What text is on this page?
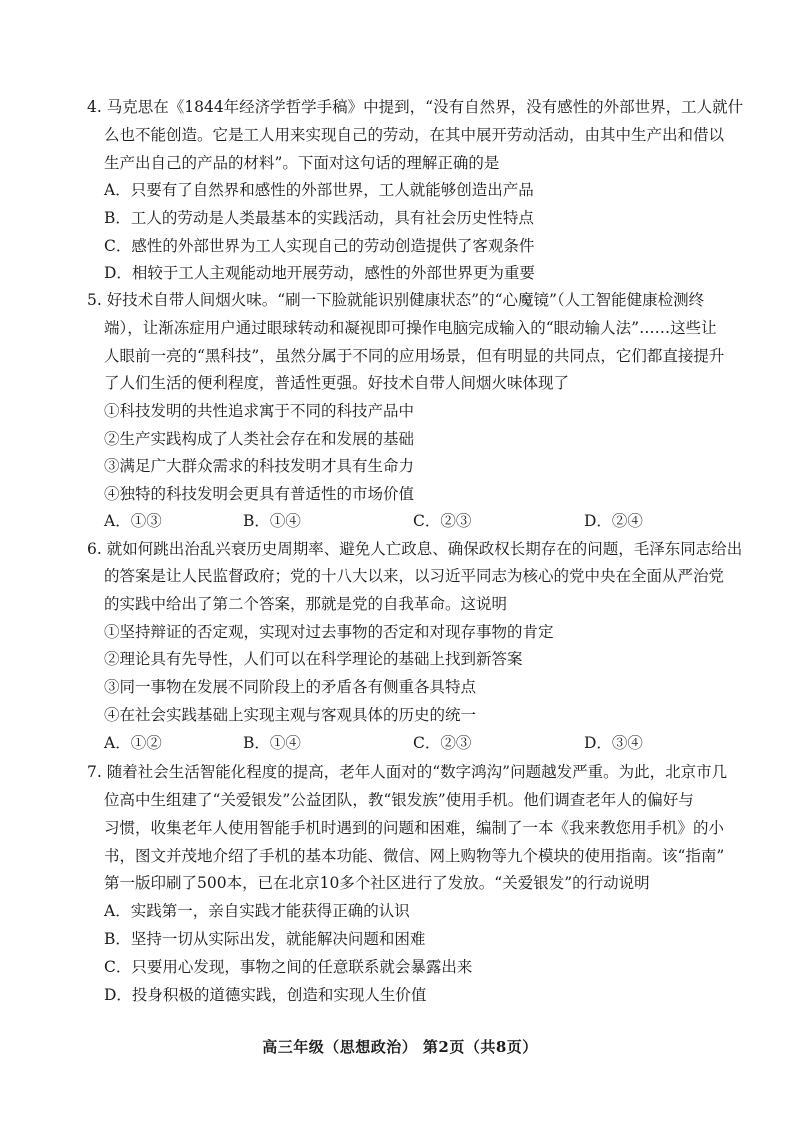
4. 马克思在《1844年经济学哲学手稿》中提到，“没有自然界，没有感性的外部世界，工人就什
么也不能创造。它是工人用来实现自己的劳动，在其中展开劳动活动，由其中生产出和借以
生产出自己的产品的材料”。下面对这句话的理解正确的是
A．只要有了自然界和感性的外部世界，工人就能够创造出产品
B．工人的劳动是人类最基本的实践活动，具有社会历史性特点
C．感性的外部世界为工人实现自己的劳动创造提供了客观条件
D．相较于工人主观能动地开展劳动，感性的外部世界更为重要
5. 好技术自带人间烟火味。“刷一下脸就能识别健康状态”的“心魔镜”（人工智能健康检测终
端），让渐冻症用户通过眼球转动和凝视即可操作电脑完成输入的“眼动输人法”……这些让
人眼前一亮的“黑科技”，虽然分属于不同的应用场景，但有明显的共同点，它们都直接提升
了人们生活的便利程度，普适性更强。好技术自带人间烟火味体现了
①科技发明的共性追求寓于不同的科技产品中
②生产实践构成了人类社会存在和发展的基础
③满足广大群众需求的科技发明才具有生命力
④独特的科技发明会更具有普适性的市场价值
A．①③	B．①④	C．②③	D．②④
6. 就如何跳出治乱兴衰历史周期率、避免人亡政息、确保政权长期存在的问题，毛泽东同志给出
的答案是让人民监督政府；党的十八大以来，以习近平同志为核心的党中央在全面从严治党
的实践中给出了第二个答案，那就是党的自我革命。这说明
①坚持辩证的否定观，实现对过去事物的否定和对现存事物的肯定
②理论具有先导性，人们可以在科学理论的基础上找到新答案
③同一事物在发展不同阶段上的矛盾各有侧重各具特点
④在社会实践基础上实现主观与客观具体的历史的统一
A．①②	B．①④	C．②③	D．③④
7. 随着社会生活智能化程度的提高，老年人面对的“数字鸿沟”问题越发严重。为此，北京市几
位高中生组建了“关爱银发”公益团队，教“银发族”使用手机。他们调查老年人的偏好与
习惯，收集老年人使用智能手机时遇到的问题和困难，编制了一本《我来教您用手机》的小
书，图文并茂地介绍了手机的基本功能、微信、网上购物等九个模块的使用指南。该“指南”
第一版印刷了500本，已在北京10多个社区进行了发放。“关爱银发”的行动说明
A．实践第一，亲自实践才能获得正确的认识
B．坚持一切从实际出发，就能解决问题和困难
C．只要用心发现，事物之间的任意联系就会暴露出来
D．投身积极的道德实践，创造和实现人生价值
高三年级（思想政治） 第2页（共8页）
